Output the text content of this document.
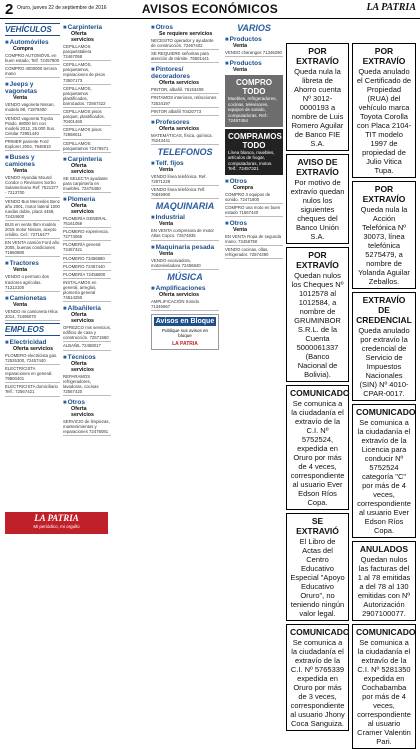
2 Oruro, jueves 22 de septiembre de 2016	AVISOS ECONÓMICOS	LA PATRIA
VEHÍCULOS
■Automóviles
Compra
COMPRO AUTOMÓVIL en buen estado, Telf. 72457800
COMPRO 4000000 tercera mano
■Jeeps y vagonetas
Venta
VENDO vagoneta Nissan, modelo 98, 71878400
VENDO vagoneta Toyota Prado, 68000 km con modelo 2012, 25.000 Sus. Celular 72951440
PRIMER pariente Ford Explorer 2004, 7848810
■Buses y camiones
Venta
VENDO Hyundai Mound Condor o Revisores Sorbo Sulamericano Ref: 7521377 - 7213700
VENDO Bus Mercedes Benz año 2001, motor lateral 1000 ruedas doble, placa 4459, 72434600
BUS en venta 0km modelo 2015 motor Nissan, acepto crédito. Cel.: 72715477
EN VENTA camión Ford año 2005, buenas condiciones 71860880
■Tractores
Venta
VENDO o permuto dos tractores agrícolas. 71313100
■Camionetas
Venta
VENDO mi camioneta Hilux 2014, 72495070
EMPLEOS
■Electricidad
Oferta servicios
PLOMERO electricista gas. 72526300, 72457440
ELECTRICISTA reparaciones en general. 79800401
ELECTRICISTA domiciliario Telf.: 72567421
■Carpintería
Oferta servicios
CEPILLAMOS parquetstaliera 72467058
CEPILLAMOS, parquetamos, reparaciones de pisos 73507173
CEPILLAMOS, parquetamos plastificados, barnizados. 72567422
CEPILLAMOS pisos parquet, plastificados. 70401460
CEPILLAMOS pisos 72568011
CEPILLAMOS parquetamos 72476571
■Carpintería
Oferta servicios
SE SELECTA ayudante para carpintería en muebles. 72475480
■Plomería
Oferta servicios
PLOMERÍA GENERAL 76161059
PLOMERO experiencia. 72774065
PLOMERÍA general 72467421
PLOMERO 73456880
PLOMERO 72467440
PLOMERÍA 72456800
INSTALAMOS en general, arreglos, plomería general 74514250
■Albañilería
Oferta servicios
OFREZCO mis servicios, edificio de casa y construcción. 72571560
ALBAÑIL 72458017
■Técnicos
Oferta servicios
REPARAMOS refrigeradores, lavadoras, cocinas 72567420
■Otros
Oferta servicios
SERVICIO de limpiezas, mantenimientos y reparaciones 72476081
LA PATRIA
Mi periódico, mi orgullo
■Otros
Se requiere servicios
NECESITO operador y ayudante de construcción. 72467402
SE REQUIERE señoritas para atención de trámite. 75601441
■Pintores/ decoradores
Oferta servicios
PINTOR, albañil. 76153408
PINTAMOS interiores, refacciones 72534197
PINTOR albañil 70420773
■Profesores
Oferta servicios
MATEMÁTICAS, física, química. 75243441
TELEFONOS
■Telf. fijos
Venta
VENDO línea telefónica. Ref. 72871229
VENDO línea telefónica Telf. 76845900
MAQUINARIA
■Industrial
Venta
EN VENTA compresora de motor Atlas Copco. 72574835
■Maquinaria pesada
Venta
VENDO excavadora, motoniveladora 72456840
MÚSICA
■Amplificaciones
Oferta servicios
AMPLIFICACIÓN Sonido 71345667
Avisos en Bloque
Publique sus avisos en bloque
LA PATRIA
VARIOS
■Productos
Venta
VENDO charangos 71346290
■Productos
Venta
COMPRO TODO
Muebles, refrigeradores, cocinas, televisores, equipos de sonido, computadoras. Ref.: 72497454
COMPRAMOS TODO
Línea blanca, muebles, artículos de hogar, computadoras, motos. Telf.: 72457321
■Otros
Compra
COMPRO 3 equipos de sonido. 72471800
COMPRO una moto en buen estado 71567440
■Otros
Venta
EN VENTA Ropa de segunda mano. 72456750
VENDO cocinas, ollas, refrigerador. 72574390
POR EXTRAVÍO
Queda nula la libreta de Ahorro cuenta Nº 3012-0000193 a nombre de Luis Romero Aguilar de Banco FIE S.A.
AVISO DE EXTRAVÍO
Por motivo de extravío quedan nulos los siguientes cheques del Banco Unión S.A.
POR EXTRAVÍO
Quedan nulos los Cheques Nº 1012578 al 1012584, a nombre de GRUMINBOR S.R.L. de la Cuenta 5000061337 (Banco Nacional de Bolivia).
COMUNICADO
Se comunica a la ciudadanía el extravío de la C.I. Nº 5752524, expedida en Oruro por más de 4 veces, correspondiente al usuario Ever Edson Ríos Copa.
SE EXTRAVIÓ
El Libro de Actas del Centro Educativo Especial "Apoyo Educativo Oruro", no teniendo ningún valor legal.
COMUNICADO
Se comunica a la ciudadanía el extravío de la C.I. Nº 5765339 expedida en Oruro por más de 3 veces, correspondiente al usuario Jhony Coca Sanguiza.
POR EXTRAVÍO
Queda anulado el Certificado de Propiedad (RUA) del vehículo marca Toyota Corolla con Placa 2104-TIT modelo 1997 de propiedad de Julio Vitica Tupa.
POR EXTRAVÍO
Queda nula la Acción Telefónica Nº 30073, línea telefónica 5275479, a nombre de Yolanda Aguilar Zeballos.
EXTRAVÍO DE CREDENCIAL
Queda anulado por extravío la credencial de Servicio de Impuestos Nacionales (SIN) Nº 4010-CPAR-0017.
COMUNICADO
Se comunica a la ciudadanía el extravío de la Licencia para conducir Nº 5752524 categoría "C" por más de 4 veces, correspondiente al usuario Ever Edson Ríos Copa.
ANULADOS
Quedan nulos las facturas del 1 al 78 emitidas a del 78 al 130 emitidas con Nº Autorización 2907100077.
COMUNICADO
Se comunica a la ciudadanía el extravío de la C.I. Nº 5281350 expedida en Cochabamba por más de 4 veces, correspondiente al usuario Cramer Valentin Pari.
